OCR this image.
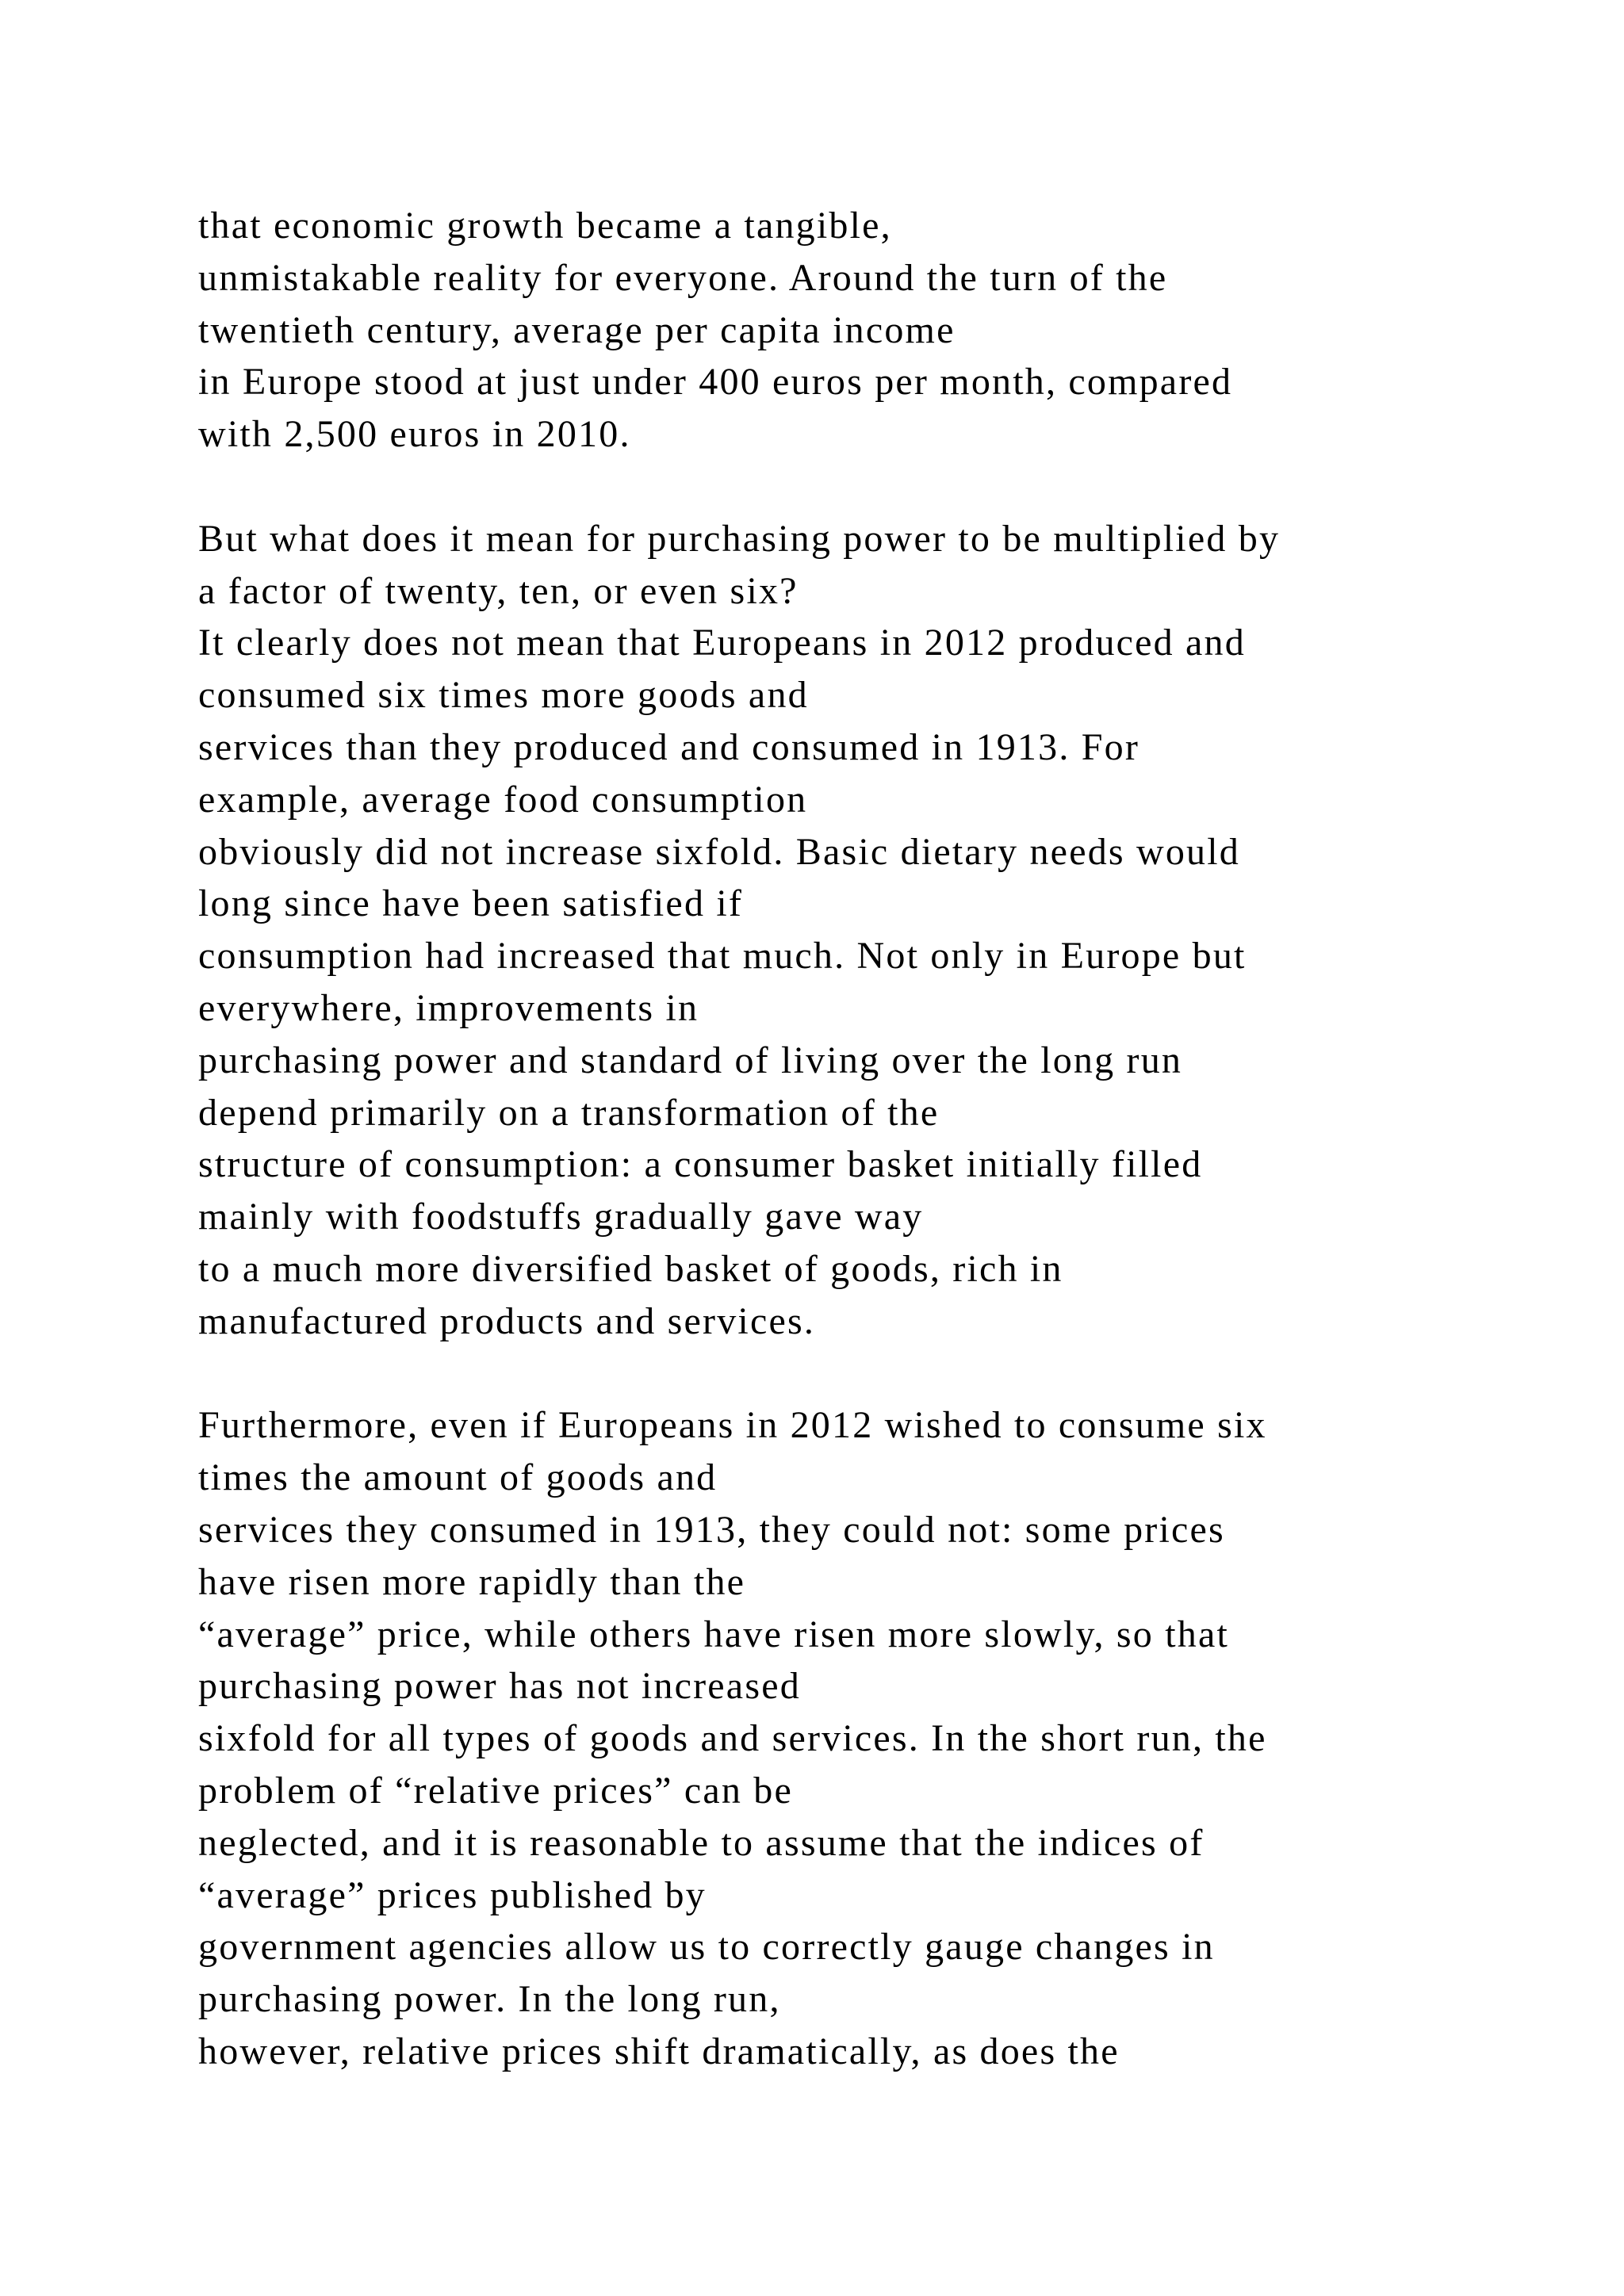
that economic growth became a tangible,
unmistakable reality for everyone. Around the turn of the
twentieth century, average per capita income
in Europe stood at just under 400 euros per month, compared
with 2,500 euros in 2010.

But what does it mean for purchasing power to be multiplied by
a factor of twenty, ten, or even six?
It clearly does not mean that Europeans in 2012 produced and
consumed six times more goods and
services than they produced and consumed in 1913. For
example, average food consumption
obviously did not increase sixfold. Basic dietary needs would
long since have been satisfied if
consumption had increased that much. Not only in Europe but
everywhere, improvements in
purchasing power and standard of living over the long run
depend primarily on a transformation of the
structure of consumption: a consumer basket initially filled
mainly with foodstuffs gradually gave way
to a much more diversified basket of goods, rich in
manufactured products and services.

Furthermore, even if Europeans in 2012 wished to consume six
times the amount of goods and
services they consumed in 1913, they could not: some prices
have risen more rapidly than the
“average” price, while others have risen more slowly, so that
purchasing power has not increased
sixfold for all types of goods and services. In the short run, the
problem of “relative prices” can be
neglected, and it is reasonable to assume that the indices of
“average” prices published by
government agencies allow us to correctly gauge changes in
purchasing power. In the long run,
however, relative prices shift dramatically, as does the
